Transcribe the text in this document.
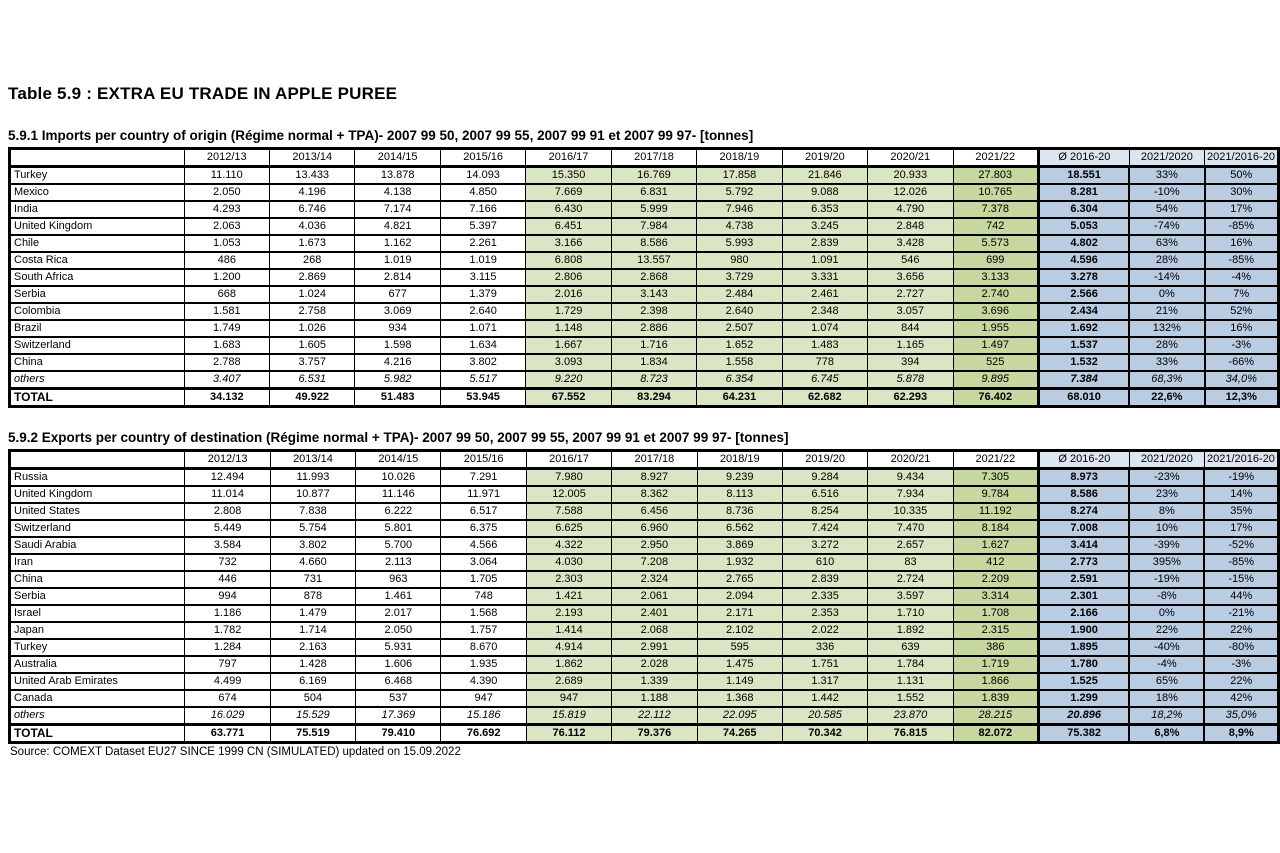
Table 5.9 : EXTRA EU TRADE IN APPLE PUREE
5.9.1 Imports per country of origin (Régime normal + TPA)- 2007 99 50, 2007 99 55, 2007 99 91 et 2007 99 97- [tonnes]
	2012/13	2013/14	2014/15	2015/16	2016/17	2017/18	2018/19	2019/20	2020/21	2021/22	Ø 2016-20	2021/2020	2021/2016-20
Turkey	11.110	13.433	13.878	14.093	15.350	16.769	17.858	21.846	20.933	27.803	18.551	33%	50%
Mexico	2.050	4.196	4.138	4.850	7.669	6.831	5.792	9.088	12.026	10.765	8.281	-10%	30%
India	4.293	6.746	7.174	7.166	6.430	5.999	7.946	6.353	4.790	7.378	6.304	54%	17%
United Kingdom	2.063	4.036	4.821	5.397	6.451	7.984	4.738	3.245	2.848	742	5.053	-74%	-85%
Chile	1.053	1.673	1.162	2.261	3.166	8.586	5.993	2.839	3.428	5.573	4.802	63%	16%
Costa Rica	486	268	1.019	1.019	6.808	13.557	980	1.091	546	699	4.596	28%	-85%
South Africa	1.200	2.869	2.814	3.115	2.806	2.868	3.729	3.331	3.656	3.133	3.278	-14%	-4%
Serbia	668	1.024	677	1.379	2.016	3.143	2.484	2.461	2.727	2.740	2.566	0%	7%
Colombia	1.581	2.758	3.069	2.640	1.729	2.398	2.640	2.348	3.057	3.696	2.434	21%	52%
Brazil	1.749	1.026	934	1.071	1.148	2.886	2.507	1.074	844	1.955	1.692	132%	16%
Switzerland	1.683	1.605	1.598	1.634	1.667	1.716	1.652	1.483	1.165	1.497	1.537	28%	-3%
China	2.788	3.757	4.216	3.802	3.093	1.834	1.558	778	394	525	1.532	33%	-66%
others	3.407	6.531	5.982	5.517	9.220	8.723	6.354	6.745	5.878	9.895	7.384	68,3%	34,0%
TOTAL	34.132	49.922	51.483	53.945	67.552	83.294	64.231	62.682	62.293	76.402	68.010	22,6%	12,3%
5.9.2 Exports per country of destination (Régime normal + TPA)- 2007 99 50, 2007 99 55, 2007 99 91 et 2007 99 97- [tonnes]
	2012/13	2013/14	2014/15	2015/16	2016/17	2017/18	2018/19	2019/20	2020/21	2021/22	Ø 2016-20	2021/2020	2021/2016-20
Russia	12.494	11.993	10.026	7.291	7.980	8.927	9.239	9.284	9.434	7.305	8.973	-23%	-19%
United Kingdom	11.014	10.877	11.146	11.971	12.005	8.362	8.113	6.516	7.934	9.784	8.586	23%	14%
United States	2.808	7.838	6.222	6.517	7.588	6.456	8.736	8.254	10.335	11.192	8.274	8%	35%
Switzerland	5.449	5.754	5.801	6.375	6.625	6.960	6.562	7.424	7.470	8.184	7.008	10%	17%
Saudi Arabia	3.584	3.802	5.700	4.566	4.322	2.950	3.869	3.272	2.657	1.627	3.414	-39%	-52%
Iran	732	4.660	2.113	3.064	4.030	7.208	1.932	610	83	412	2.773	395%	-85%
China	446	731	963	1.705	2.303	2.324	2.765	2.839	2.724	2.209	2.591	-19%	-15%
Serbia	994	878	1.461	748	1.421	2.061	2.094	2.335	3.597	3.314	2.301	-8%	44%
Israel	1.186	1.479	2.017	1.568	2.193	2.401	2.171	2.353	1.710	1.708	2.166	0%	-21%
Japan	1.782	1.714	2.050	1.757	1.414	2.068	2.102	2.022	1.892	2.315	1.900	22%	22%
Turkey	1.284	2.163	5.931	8.670	4.914	2.991	595	336	639	386	1.895	-40%	-80%
Australia	797	1.428	1.606	1.935	1.862	2.028	1.475	1.751	1.784	1.719	1.780	-4%	-3%
United Arab Emirates	4.499	6.169	6.468	4.390	2.689	1.339	1.149	1.317	1.131	1.866	1.525	65%	22%
Canada	674	504	537	947	947	1.188	1.368	1.442	1.552	1.839	1.299	18%	42%
others	16.029	15.529	17.369	15.186	15.819	22.112	22.095	20.585	23.870	28.215	20.896	18,2%	35,0%
TOTAL	63.771	75.519	79.410	76.692	76.112	79.376	74.265	70.342	76.815	82.072	75.382	6,8%	8,9%
Source: COMEXT Dataset EU27 SINCE 1999 CN (SIMULATED) updated on 15.09.2022
